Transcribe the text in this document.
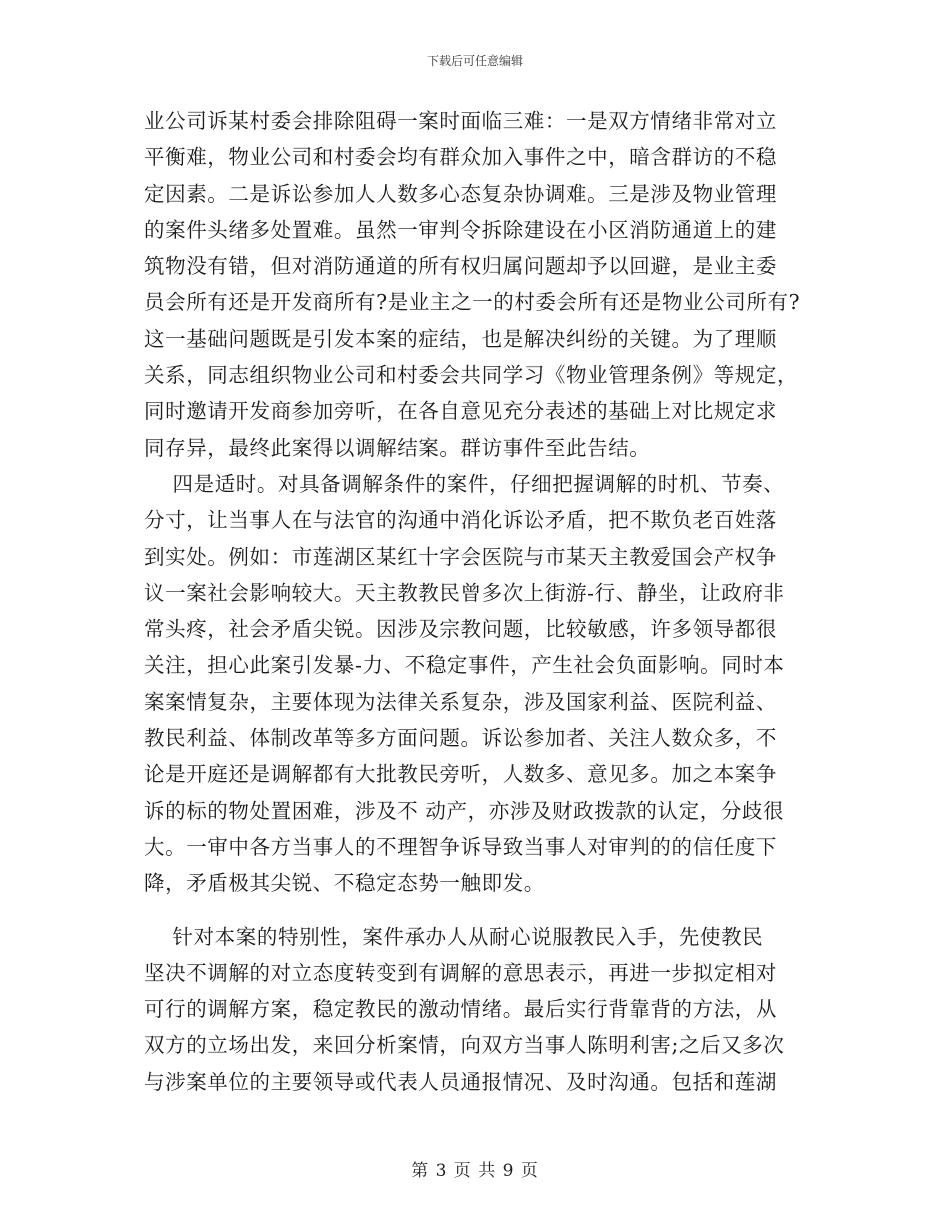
下载后可任意编辑
业公司诉某村委会排除阻碍一案时面临三难：一是双方情绪非常对立
平衡难，物业公司和村委会均有群众加入事件之中，暗含群访的不稳
定因素。二是诉讼参加人人数多心态复杂协调难。三是涉及物业管理
的案件头绪多处置难。虽然一审判令拆除建设在小区消防通道上的建
筑物没有错，但对消防通道的所有权归属问题却予以回避，是业主委
员会所有还是开发商所有?是业主之一的村委会所有还是物业公司所有?
这一基础问题既是引发本案的症结，也是解决纠纷的关键。为了理顺
关系，同志组织物业公司和村委会共同学习《物业管理条例》等规定，
同时邀请开发商参加旁听，在各自意见充分表述的基础上对比规定求
同存异，最终此案得以调解结案。群访事件至此告结。
四是适时。对具备调解条件的案件，仔细把握调解的时机、节奏、
分寸，让当事人在与法官的沟通中消化诉讼矛盾，把不欺负老百姓落
到实处。例如：市莲湖区某红十字会医院与市某天主教爱国会产权争
议一案社会影响较大。天主教教民曾多次上街游-行、静坐，让政府非
常头疼，社会矛盾尖锐。因涉及宗教问题，比较敏感，许多领导都很
关注，担心此案引发暴-力、不稳定事件，产生社会负面影响。同时本
案案情复杂，主要体现为法律关系复杂，涉及国家利益、医院利益、
教民利益、体制改革等多方面问题。诉讼参加者、关注人数众多，不
论是开庭还是调解都有大批教民旁听，人数多、意见多。加之本案争
诉的标的物处置困难，涉及不 动产，亦涉及财政拨款的认定，分歧很
大。一审中各方当事人的不理智争诉导致当事人对审判的的信任度下
降，矛盾极其尖锐、不稳定态势一触即发。
针对本案的特别性，案件承办人从耐心说服教民入手，先使教民
坚决不调解的对立态度转变到有调解的意思表示，再进一步拟定相对
可行的调解方案，稳定教民的激动情绪。最后实行背靠背的方法，从
双方的立场出发，来回分析案情，向双方当事人陈明利害;之后又多次
与涉案单位的主要领导或代表人员通报情况、及时沟通。包括和莲湖
第 3 页 共 9 页
